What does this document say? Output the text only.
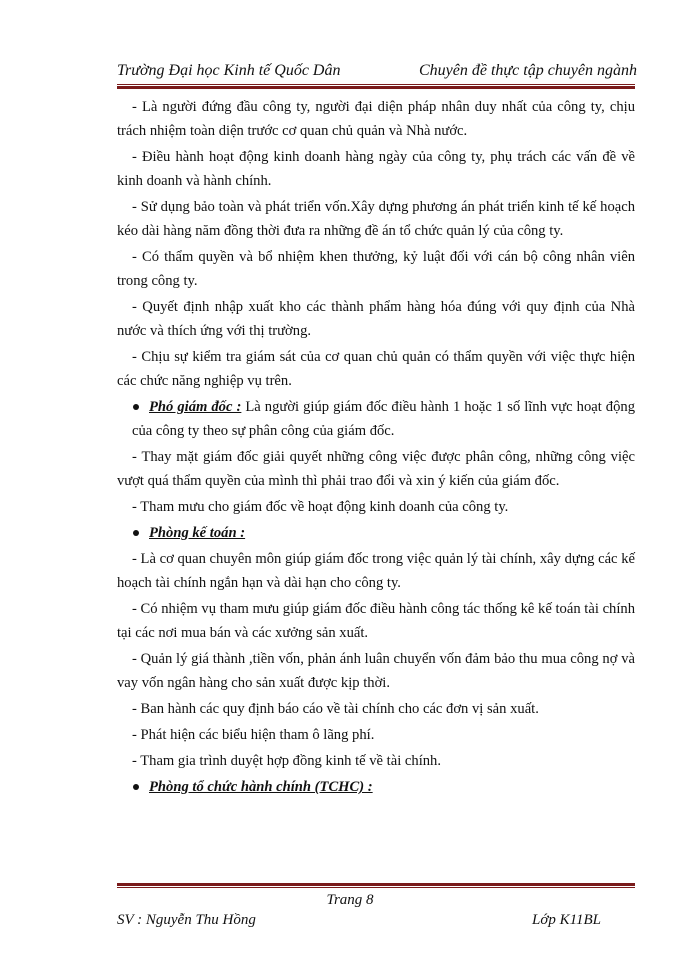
Trường Đại học Kinh tế Quốc Dân	Chuyên đề thực tập chuyên ngành
- Là người đứng đầu công ty, người đại diện pháp nhân duy nhất của công ty, chịu trách nhiệm toàn diện trước cơ quan chủ quản và Nhà nước.
- Điều hành hoạt động kinh doanh hàng ngày của công ty, phụ trách các vấn đề về kinh doanh và hành chính.
- Sử dụng bảo toàn và phát triển vốn.Xây dựng phương án phát triển kinh tế kế hoạch kéo dài hàng năm đồng thời đưa ra những đề án tổ chức quản lý của công ty.
- Có thẩm quyền và bổ nhiệm khen thưởng, kỷ luật đối với cán bộ công nhân viên trong công ty.
- Quyết định nhập xuất kho các thành phẩm hàng hóa đúng với quy định của Nhà nước và thích ứng với thị trường.
- Chịu sự kiểm tra giám sát của cơ quan chủ quản có thẩm quyền với việc thực hiện các chức năng nghiệp vụ trên.
Phó giám đốc : Là người giúp giám đốc điều hành 1 hoặc 1 số lĩnh vực hoạt động của công ty theo sự phân công của giám đốc.
- Thay mặt giám đốc giải quyết những công việc được phân công, những công việc vượt quá thẩm quyền của mình thì phải trao đổi và xin ý kiến của giám đốc.
- Tham mưu cho giám đốc về hoạt động kinh doanh của công ty.
Phòng kế toán :
- Là cơ quan chuyên môn giúp giám đốc trong việc quản lý tài chính, xây dựng các kế hoạch tài chính ngắn hạn và dài hạn cho công ty.
- Có nhiệm vụ tham mưu giúp giám đốc điều hành công tác thống kê kế toán tài chính tại các nơi mua bán và các xưởng sản xuất.
- Quản lý giá thành ,tiền vốn, phản ánh luân chuyển vốn đảm bảo thu mua công nợ và vay vốn ngân hàng cho sản xuất được kịp thời.
- Ban hành các quy định báo cáo về tài chính cho các đơn vị sản xuất.
- Phát hiện các biểu hiện tham ô lãng phí.
- Tham gia trình duyệt hợp đồng kinh tế về tài chính.
Phòng tổ chức hành chính (TCHC) :
Trang 8
SV : Nguyễn Thu Hồng	Lớp K11BL
